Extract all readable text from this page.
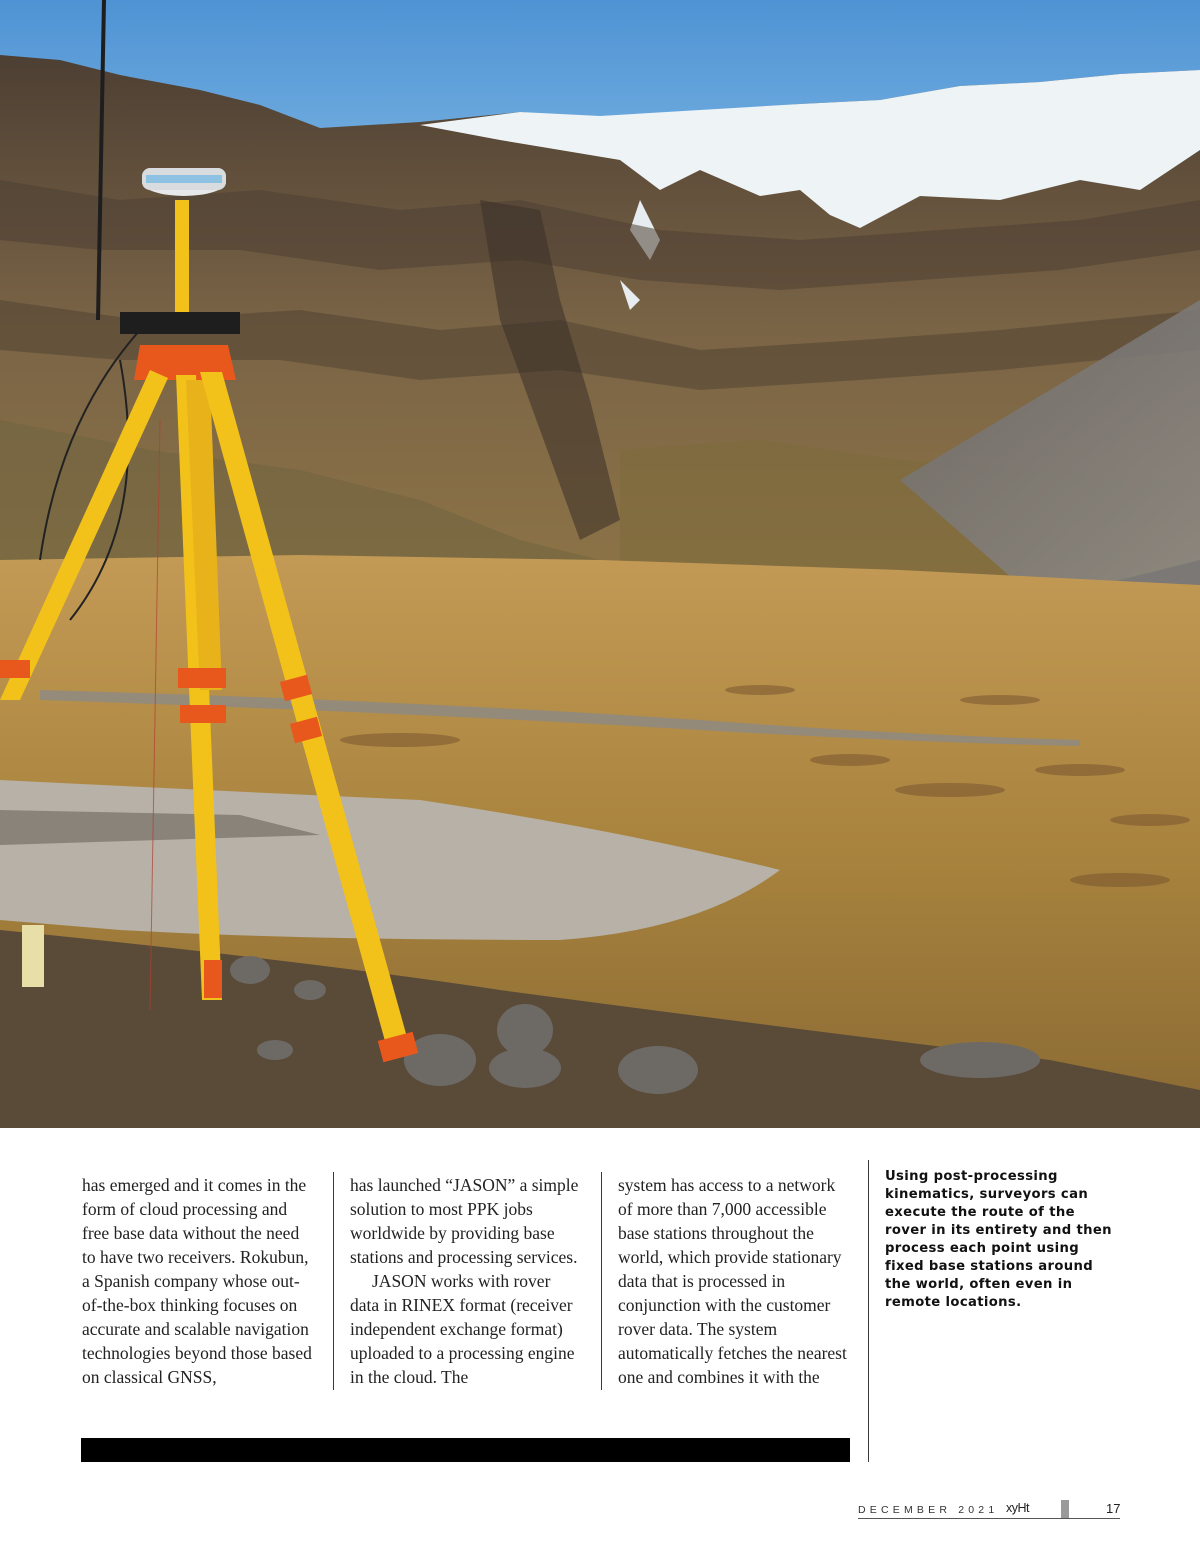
has emerged and it comes in the form of cloud processing and free base data without the need to have two receivers. Rokubun, a Spanish company whose out-of-the-box thinking focuses on accurate and scalable navigation technologies beyond those based on classical GNSS,

has launched “JASON” a simple solution to most PPK jobs worldwide by providing base stations and processing services.

JASON works with rover data in RINEX format (receiver independent exchange format) uploaded to a processing engine in the cloud. The

system has access to a network of more than 7,000 accessible base stations throughout the world, which provide stationary data that is processed in conjunction with the customer rover data. The system automatically fetches the nearest one and combines it with the

Using post-processing kinematics, surveyors can execute the route of the rover in its entirety and then process each point using fixed base stations around the world, often even in remote locations.

DECEMBER 2021 xyHt	17
